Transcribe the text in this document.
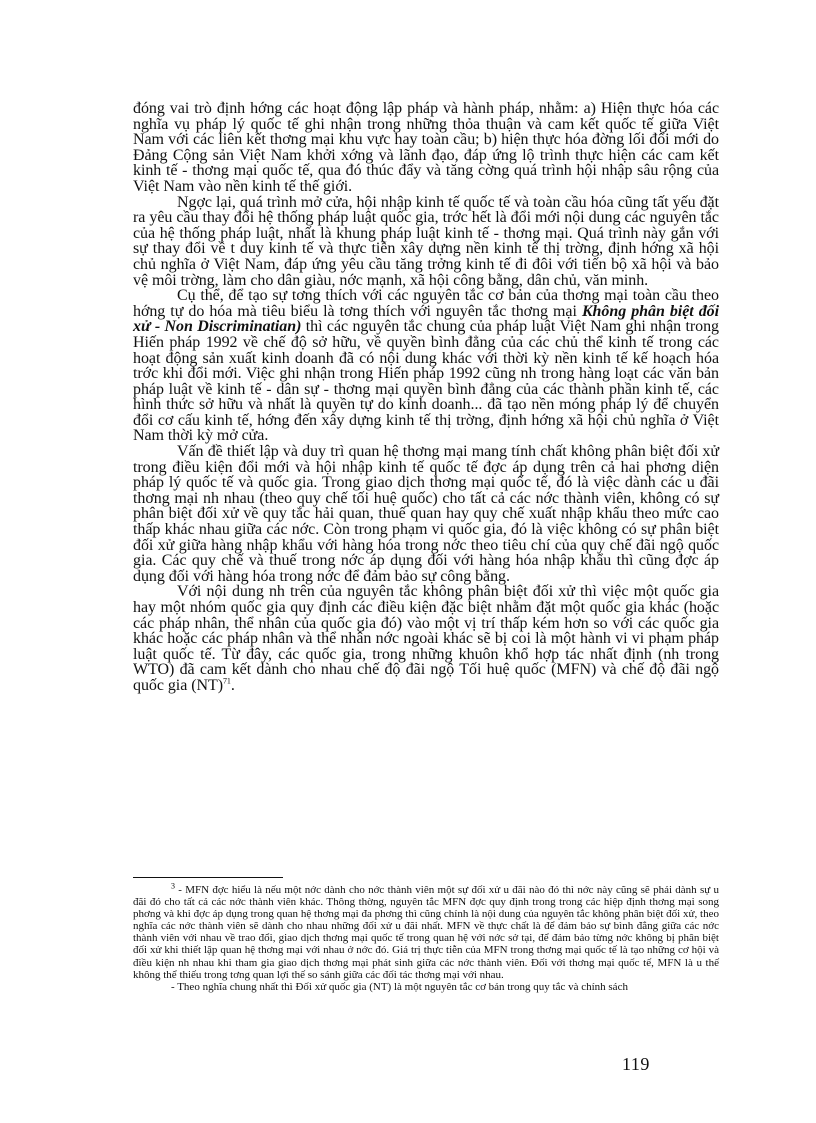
đóng vai trò định hớng các hoạt động lập pháp và hành pháp, nhằm: a) Hiện thực hóa các nghĩa vụ pháp lý quốc tế ghi nhận trong những thỏa thuận và cam kết quốc tế giữa Việt Nam với các liên kết thơng mại khu vực hay toàn cầu; b) hiện thực hóa đờng lối đổi mới do Đảng Cộng sản Việt Nam khởi xớng và lãnh đạo, đáp ứng lộ trình thực hiện các cam kết kinh tế - thơng mại quốc tế, qua đó thúc đẩy và tăng cờng quá trình hội nhập sâu rộng của Việt Nam vào nền kinh tế thế giới.

Ngợc lại, quá trình mở cửa, hội nhập kinh tế quốc tế và toàn cầu hóa cũng tất yếu đặt ra yêu cầu thay đổi hệ thống pháp luật quốc gia, trớc hết là đổi mới nội dung các nguyên tắc của hệ thống pháp luật, nhất là khung pháp luật kinh tế - thơng mại. Quá trình này gắn với sự thay đổi về t duy kinh tế và thực tiễn xây dựng nền kinh tế thị trờng, định hớng xã hội chủ nghĩa ở Việt Nam, đáp ứng yêu cầu tăng trởng kinh tế đi đôi với tiến bộ xã hội và bảo vệ môi trờng, làm cho dân giàu, nớc mạnh, xã hội công bằng, dân chủ, văn minh.

Cụ thể, để tạo sự tơng thích với các nguyên tắc cơ bản của thơng mại toàn cầu theo hớng tự do hóa mà tiêu biểu là tơng thích với nguyên tắc thơng mại Không phân biệt đối xử - Non Discriminatian) thì các nguyên tắc chung của pháp luật Việt Nam ghi nhận trong Hiến pháp 1992 về chế độ sở hữu, về quyền bình đẳng của các chủ thể kinh tế trong các hoạt động sản xuất kinh doanh đã có nội dung khác với thời kỳ nền kinh tế kế hoạch hóa trớc khi đổi mới. Việc ghi nhận trong Hiến pháp 1992 cũng nh trong hàng loạt các văn bản pháp luật về kinh tế - dân sự - thơng mại quyền bình đẳng của các thành phần kinh tế, các hình thức sở hữu và nhất là quyền tự do kinh doanh... đã tạo nền móng pháp lý để chuyển đổi cơ cấu kinh tế, hớng đến xây dựng kinh tế thị trờng, định hớng xã hội chủ nghĩa ở Việt Nam thời kỳ mở cửa.

Vấn đề thiết lập và duy trì quan hệ thơng mại mang tính chất không phân biệt đối xử trong điều kiện đổi mới và hội nhập kinh tế quốc tế đợc áp dụng trên cả hai phơng diện pháp lý quốc tế và quốc gia. Trong giao dịch thơng mại quốc tế, đó là việc dành các u đãi thơng mại nh nhau (theo quy chế tối huệ quốc) cho tất cả các nớc thành viên, không có sự phân biệt đối xử về quy tắc hải quan, thuế quan hay quy chế xuất nhập khẩu theo mức cao thấp khác nhau giữa các nớc. Còn trong phạm vi quốc gia, đó là việc không có sự phân biệt đối xử giữa hàng nhập khẩu với hàng hóa trong nớc theo tiêu chí của quy chế đãi ngộ quốc gia. Các quy chế và thuế trong nớc áp dụng đối với hàng hóa nhập khẩu thì cũng đợc áp dụng đối với hàng hóa trong nớc để đảm bảo sự công bằng.

Với nội dung nh trên của nguyên tắc không phân biệt đối xử thì việc một quốc gia hay một nhóm quốc gia quy định các điều kiện đặc biệt nhằm đặt một quốc gia khác (hoặc các pháp nhân, thể nhân của quốc gia đó) vào một vị trí thấp kém hơn so với các quốc gia khác hoặc các pháp nhân và thể nhân nớc ngoài khác sẽ bị coi là một hành vi vi phạm pháp luật quốc tế. Từ đây, các quốc gia, trong những khuôn khổ hợp tác nhất định (nh trong WTO) đã cam kết dành cho nhau chế độ đãi ngộ Tối huệ quốc (MFN) và chế độ đãi ngộ quốc gia (NT)$^{71}$.

$^3$ - MFN đợc hiểu là nếu một nớc dành cho nớc thành viên một sự đối xử u đãi nào đó thì nớc này cũng sẽ phải dành sự u đãi đó cho tất cả các nớc thành viên khác. Thông thờng, nguyên tắc MFN đợc quy định trong trong các hiệp định thơng mại song phơng và khi đợc áp dụng trong quan hệ thơng mại đa phơng thì cũng chính là nội dung của nguyên tắc không phân biệt đối xử, theo nghĩa các nớc thành viên sẽ dành cho nhau những đối xử u đãi nhất. MFN về thực chất là để đảm bảo sự bình đẳng giữa các nớc thành viên với nhau về trao đổi, giao dịch thơng mại quốc tế trong quan hệ với nớc sở tại, để đảm bảo từng nớc không bị phân biệt đối xử khi thiết lập quan hệ thơng mại với nhau ở nớc đó. Giá trị thực tiễn của MFN trong thơng mại quốc tế là tạo những cơ hội và điều kiện nh nhau khi tham gia giao dịch thơng mại phát sinh giữa các nớc thành viên. Đối với thơng mại quốc tế, MFN là u thế không thể thiếu trong tơng quan lợi thế so sánh giữa các đối tác thơng mại với nhau.

- Theo nghĩa chung nhất thì Đối xử quốc gia (NT) là một nguyên tắc cơ bản trong quy tắc và chính sách

119
